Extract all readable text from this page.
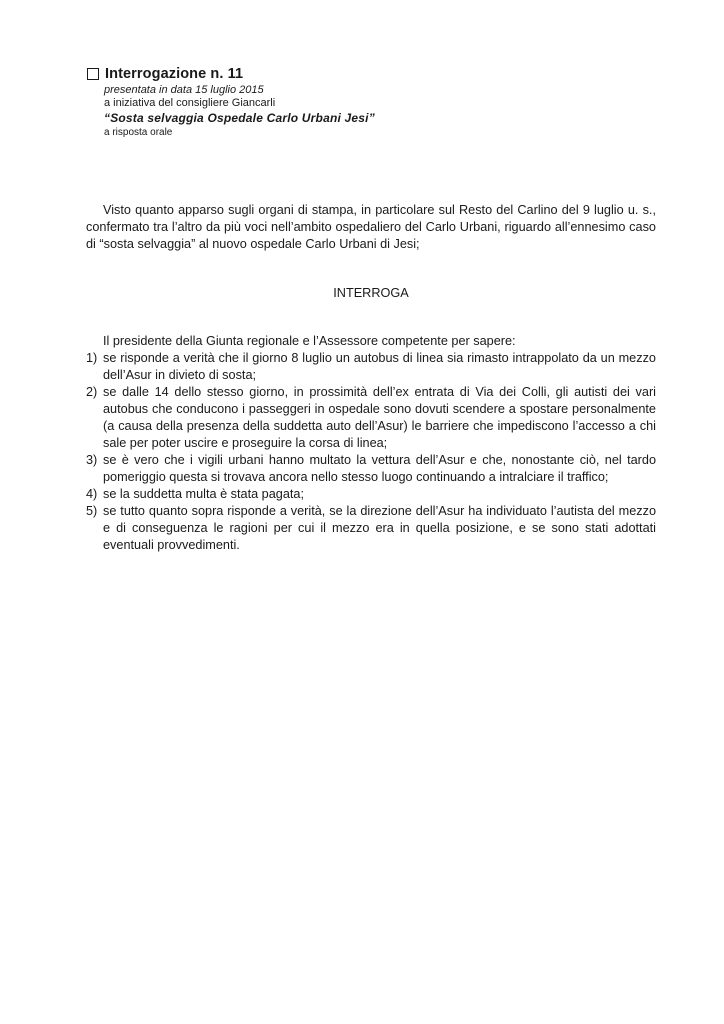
Interrogazione n. 11
presentata in data 15 luglio 2015
a iniziativa del consigliere Giancarli
“Sosta selvaggia Ospedale Carlo Urbani Jesi”
a risposta orale

Visto quanto apparso sugli organi di stampa, in particolare sul Resto del Carlino del 9 luglio u. s., confermato tra l’altro da più voci nell’ambito ospedaliero del Carlo Urbani, riguardo all’ennesimo caso di “sosta selvaggia” al nuovo ospedale Carlo Urbani di Jesi;

INTERROGA
Il presidente della Giunta regionale e l’Assessore competente per sapere:
1) se risponde a verità che il giorno 8 luglio un autobus di linea sia rimasto intrappolato da un mezzo dell’Asur in divieto di sosta;
2) se dalle 14 dello stesso giorno, in prossimità dell’ex entrata di Via dei Colli, gli autisti dei vari autobus che conducono i passeggeri in ospedale sono dovuti scendere a spostare personalmente (a causa della presenza della suddetta auto dell’Asur) le barriere che impediscono l’accesso a chi sale per poter uscire e proseguire la corsa di linea;
3) se è vero che i vigili urbani hanno multato la vettura dell’Asur e che, nonostante ciò, nel tardo pomeriggio questa si trovava ancora nello stesso luogo continuando a intralciare il traffico;
4) se la suddetta multa è stata pagata;
5) se tutto quanto sopra risponde a verità, se la direzione dell’Asur ha individuato l’autista del mezzo e di conseguenza le ragioni per cui il mezzo era in quella posizione, e se sono stati adottati eventuali provvedimenti.
